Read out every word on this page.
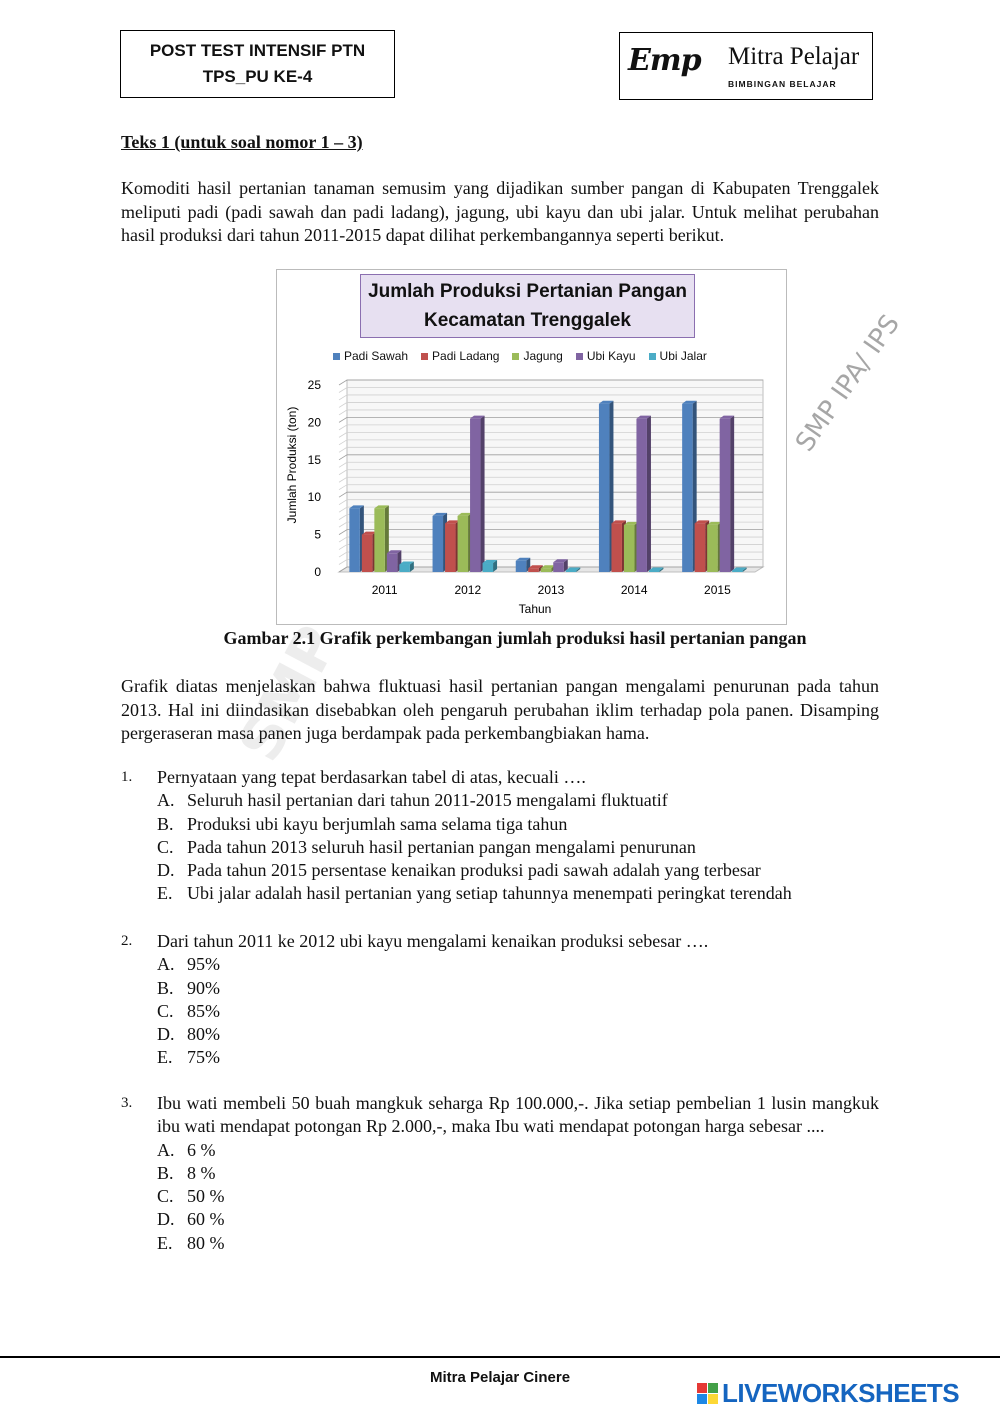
POST TEST INTENSIF PTN
TPS_PU KE-4	Emp Mitra Pelajar
BIMBINGAN BELAJAR
SMP
SMP IPA/ IPS
Teks 1 (untuk soal nomor 1 – 3)
Komoditi hasil pertanian tanaman semusim yang dijadikan sumber pangan di Kabupaten Trenggalek meliputi padi (padi sawah dan padi ladang), jagung, ubi kayu dan ubi jalar. Untuk melihat perubahan hasil produksi dari tahun 2011-2015 dapat dilihat perkembangannya seperti berikut.
Jumlah Produksi Pertanian Pangan
Kecamatan Trenggalek
Padi Sawah Padi Ladang Jagung Ubi Kayu Ubi Jalar
0
5
10
15
20
25
2011	2012	2013	2014	2015
Jumlah Produksi (ton)
Tahun
Gambar 2.1 Grafik perkembangan jumlah produksi hasil pertanian pangan
Grafik diatas menjelaskan bahwa fluktuasi hasil pertanian pangan mengalami penurunan pada tahun 2013. Hal ini diindasikan disebabkan oleh pengaruh perubahan iklim terhadap pola panen. Disamping pergeraseran masa panen juga berdampak pada perkembangbiakan hama.
1. Pernyataan yang tepat berdasarkan tabel di atas, kecuali ….
A. Seluruh hasil pertanian dari tahun 2011-2015 mengalami fluktuatif
B. Produksi ubi kayu berjumlah sama selama tiga tahun
C. Pada tahun 2013 seluruh hasil pertanian pangan mengalami penurunan
D. Pada tahun 2015 persentase kenaikan produksi padi sawah adalah yang terbesar
E. Ubi jalar adalah hasil pertanian yang setiap tahunnya menempati peringkat terendah
2. Dari tahun 2011 ke 2012 ubi kayu mengalami kenaikan produksi sebesar ….
A. 95%
B. 90%
C. 85%
D. 80%
E. 75%
3. Ibu wati membeli 50 buah mangkuk seharga Rp 100.000,-. Jika setiap pembelian 1 lusin mangkuk ibu wati mendapat potongan Rp 2.000,-, maka Ibu wati mendapat potongan harga sebesar ....
A. 6 %
B. 8 %
C. 50 %
D. 60 %
E. 80 %
Mitra Pelajar Cinere
LIVEWORKSHEETS
